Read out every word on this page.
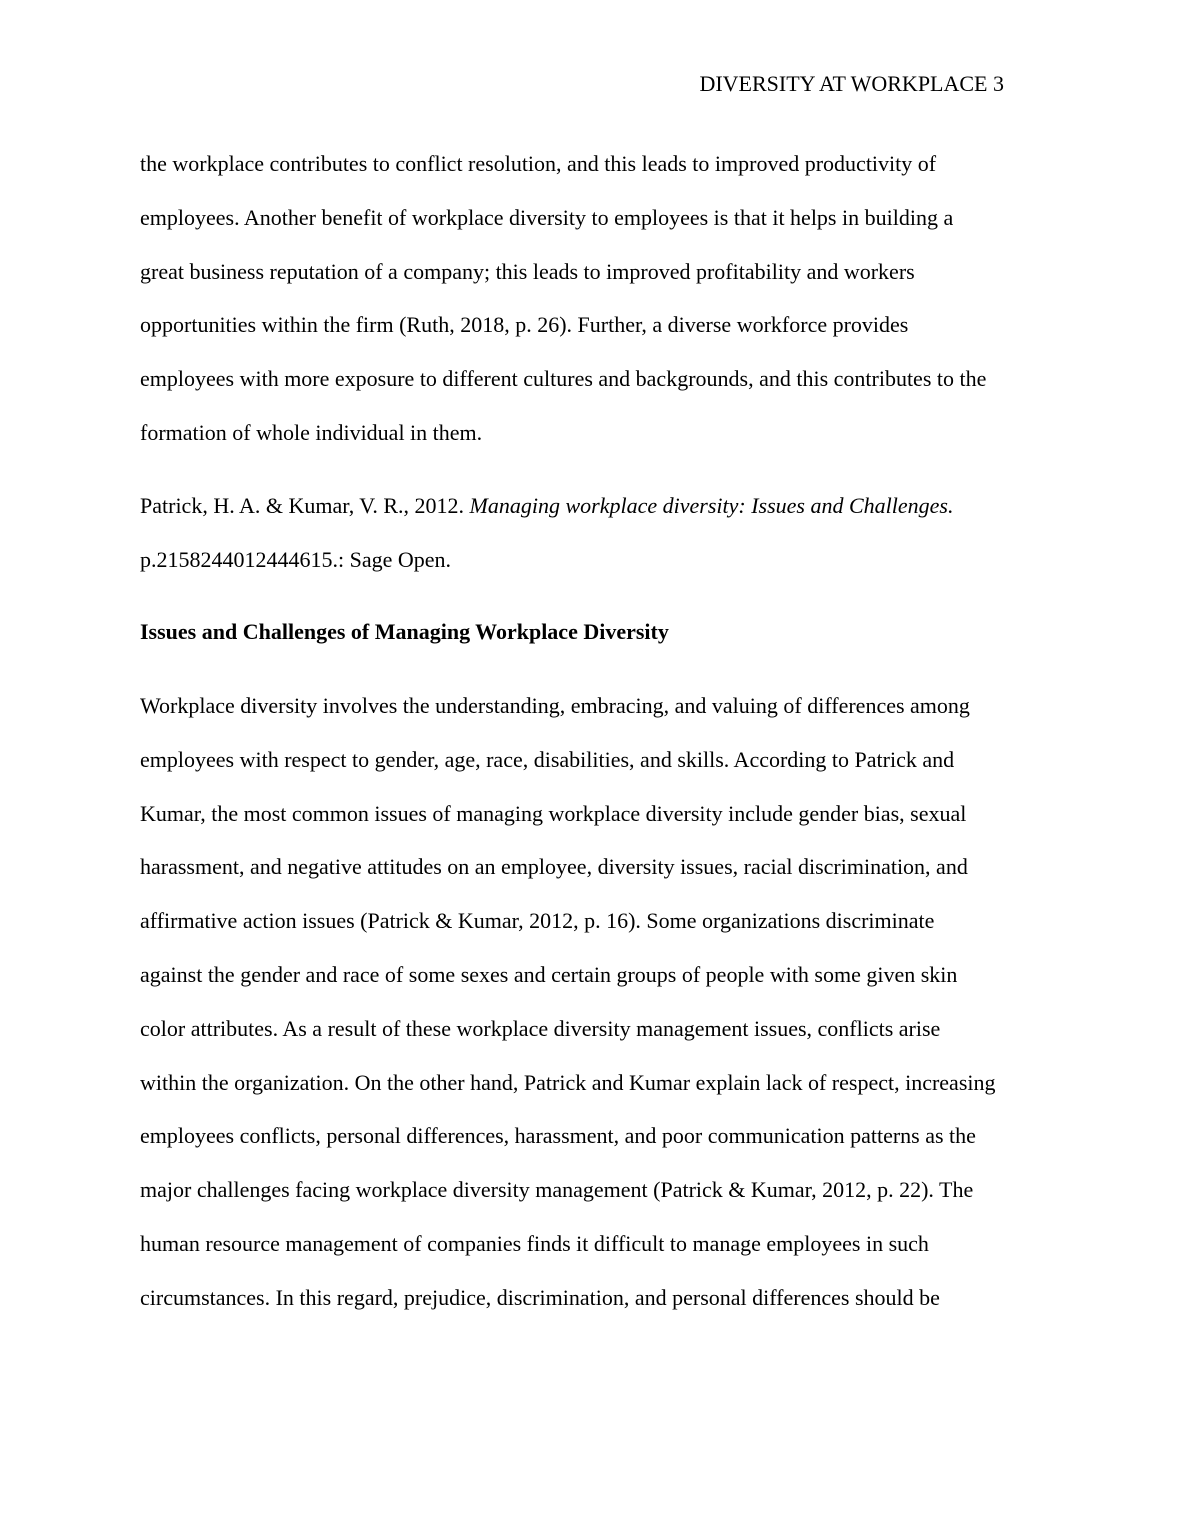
DIVERSITY AT WORKPLACE 3

the workplace contributes to conflict resolution, and this leads to improved productivity of
employees. Another benefit of workplace diversity to employees is that it helps in building a
great business reputation of a company; this leads to improved profitability and workers
opportunities within the firm (Ruth, 2018, p. 26). Further, a diverse workforce provides
employees with more exposure to different cultures and backgrounds, and this contributes to the
formation of whole individual in them.

Patrick, H. A. & Kumar, V. R., 2012. Managing workplace diversity: Issues and Challenges.
p.2158244012444615.: Sage Open.

Issues and Challenges of Managing Workplace Diversity

Workplace diversity involves the understanding, embracing, and valuing of differences among
employees with respect to gender, age, race, disabilities, and skills. According to Patrick and
Kumar, the most common issues of managing workplace diversity include gender bias, sexual
harassment, and negative attitudes on an employee, diversity issues, racial discrimination, and
affirmative action issues (Patrick & Kumar, 2012, p. 16). Some organizations discriminate
against the gender and race of some sexes and certain groups of people with some given skin
color attributes. As a result of these workplace diversity management issues, conflicts arise
within the organization. On the other hand, Patrick and Kumar explain lack of respect, increasing
employees conflicts, personal differences, harassment, and poor communication patterns as the
major challenges facing workplace diversity management (Patrick & Kumar, 2012, p. 22). The
human resource management of companies finds it difficult to manage employees in such
circumstances. In this regard, prejudice, discrimination, and personal differences should be
